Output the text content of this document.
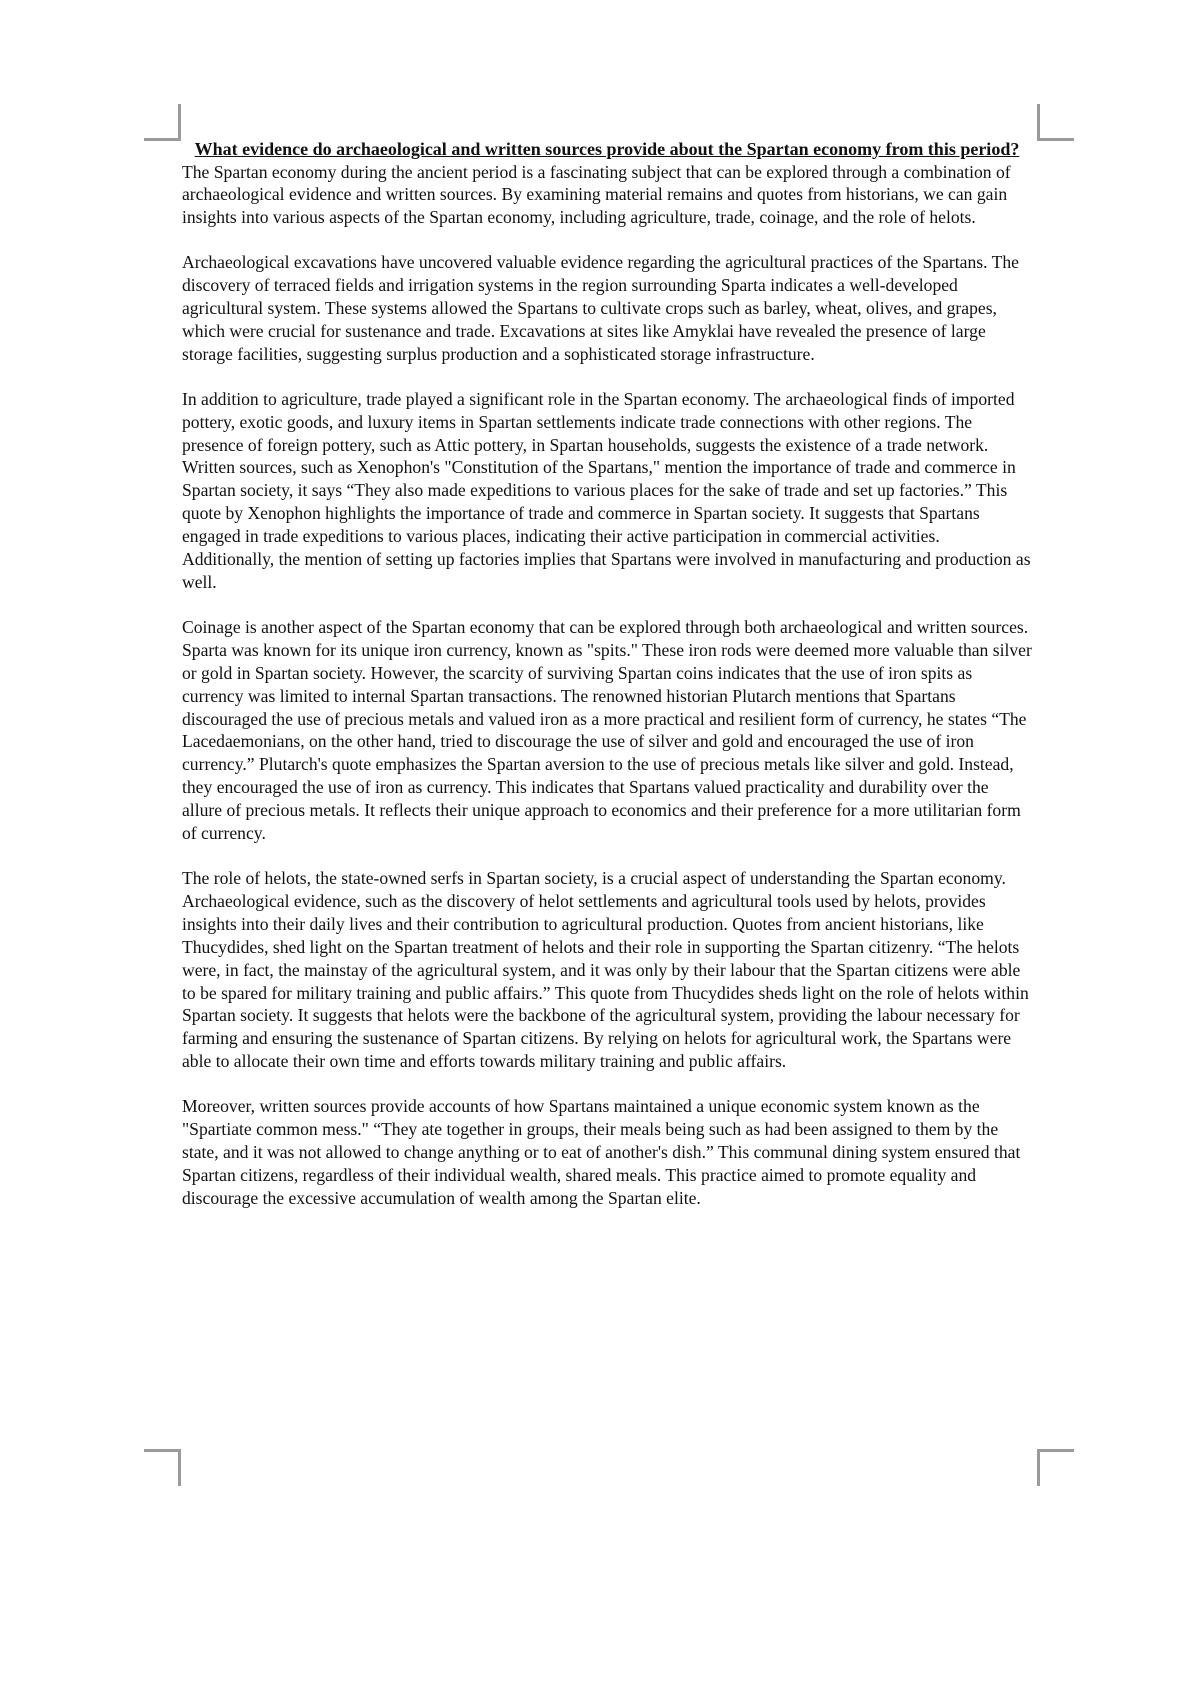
What evidence do archaeological and written sources provide about the Spartan economy from this period?

The Spartan economy during the ancient period is a fascinating subject that can be explored through a combination of archaeological evidence and written sources. By examining material remains and quotes from historians, we can gain insights into various aspects of the Spartan economy, including agriculture, trade, coinage, and the role of helots.

Archaeological excavations have uncovered valuable evidence regarding the agricultural practices of the Spartans. The discovery of terraced fields and irrigation systems in the region surrounding Sparta indicates a well-developed agricultural system. These systems allowed the Spartans to cultivate crops such as barley, wheat, olives, and grapes, which were crucial for sustenance and trade. Excavations at sites like Amyklai have revealed the presence of large storage facilities, suggesting surplus production and a sophisticated storage infrastructure.

In addition to agriculture, trade played a significant role in the Spartan economy. The archaeological finds of imported pottery, exotic goods, and luxury items in Spartan settlements indicate trade connections with other regions. The presence of foreign pottery, such as Attic pottery, in Spartan households, suggests the existence of a trade network. Written sources, such as Xenophon's "Constitution of the Spartans," mention the importance of trade and commerce in Spartan society, it says “They also made expeditions to various places for the sake of trade and set up factories.” This quote by Xenophon highlights the importance of trade and commerce in Spartan society. It suggests that Spartans engaged in trade expeditions to various places, indicating their active participation in commercial activities. Additionally, the mention of setting up factories implies that Spartans were involved in manufacturing and production as well.

Coinage is another aspect of the Spartan economy that can be explored through both archaeological and written sources. Sparta was known for its unique iron currency, known as "spits." These iron rods were deemed more valuable than silver or gold in Spartan society. However, the scarcity of surviving Spartan coins indicates that the use of iron spits as currency was limited to internal Spartan transactions. The renowned historian Plutarch mentions that Spartans discouraged the use of precious metals and valued iron as a more practical and resilient form of currency, he states “The Lacedaemonians, on the other hand, tried to discourage the use of silver and gold and encouraged the use of iron currency.” Plutarch's quote emphasizes the Spartan aversion to the use of precious metals like silver and gold. Instead, they encouraged the use of iron as currency. This indicates that Spartans valued practicality and durability over the allure of precious metals. It reflects their unique approach to economics and their preference for a more utilitarian form of currency.

The role of helots, the state-owned serfs in Spartan society, is a crucial aspect of understanding the Spartan economy. Archaeological evidence, such as the discovery of helot settlements and agricultural tools used by helots, provides insights into their daily lives and their contribution to agricultural production. Quotes from ancient historians, like Thucydides, shed light on the Spartan treatment of helots and their role in supporting the Spartan citizenry. “The helots were, in fact, the mainstay of the agricultural system, and it was only by their labour that the Spartan citizens were able to be spared for military training and public affairs.” This quote from Thucydides sheds light on the role of helots within Spartan society. It suggests that helots were the backbone of the agricultural system, providing the labour necessary for farming and ensuring the sustenance of Spartan citizens. By relying on helots for agricultural work, the Spartans were able to allocate their own time and efforts towards military training and public affairs.

Moreover, written sources provide accounts of how Spartans maintained a unique economic system known as the "Spartiate common mess." “They ate together in groups, their meals being such as had been assigned to them by the state, and it was not allowed to change anything or to eat of another's dish.” This communal dining system ensured that Spartan citizens, regardless of their individual wealth, shared meals. This practice aimed to promote equality and discourage the excessive accumulation of wealth among the Spartan elite.
